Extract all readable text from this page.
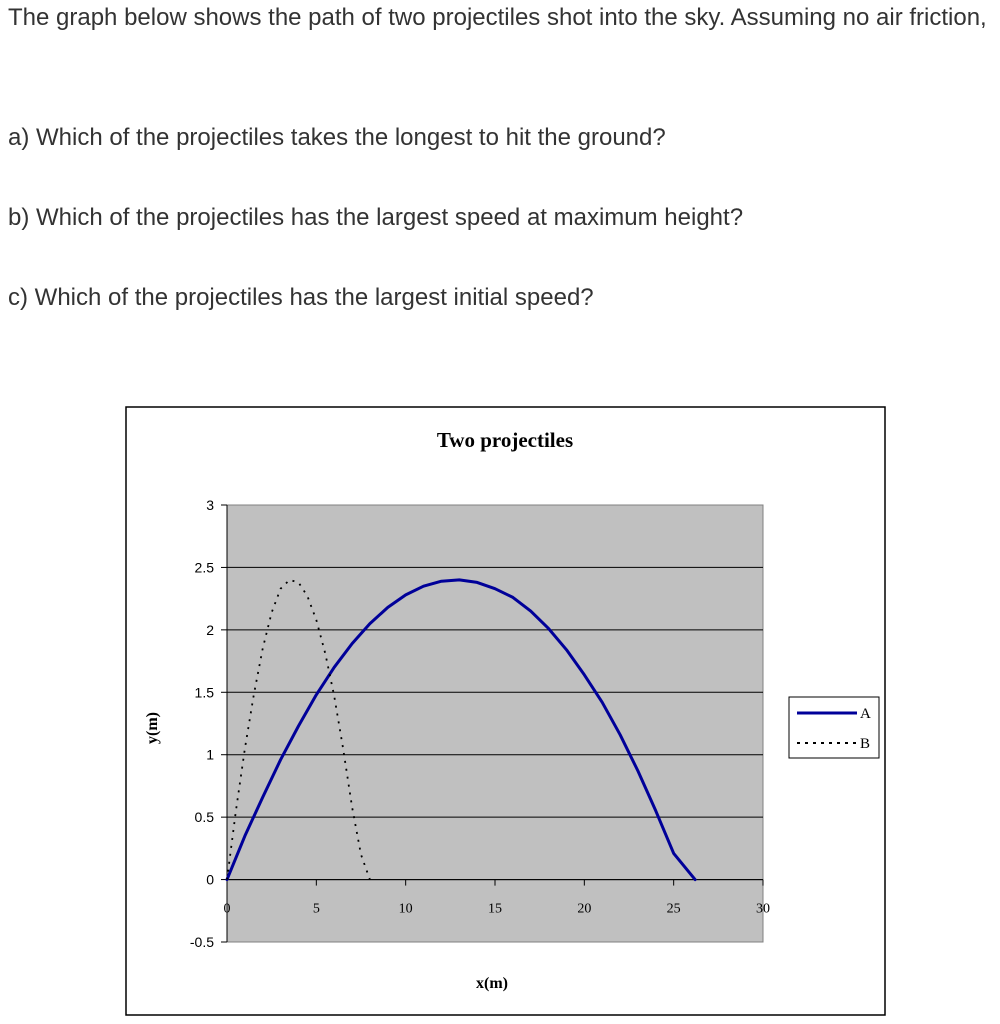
The graph below shows the path of two projectiles shot into the sky. Assuming no air friction,

a) Which of the projectiles takes the longest to hit the ground?

b) Which of the projectiles has the largest speed at maximum height?

c) Which of the projectiles has the largest initial speed?

3
2.5
2
1.5
1
0.5
0
-0.5
0	5	10	15	20	25	30
Two projectiles
x(m)
y(m)	A
B
